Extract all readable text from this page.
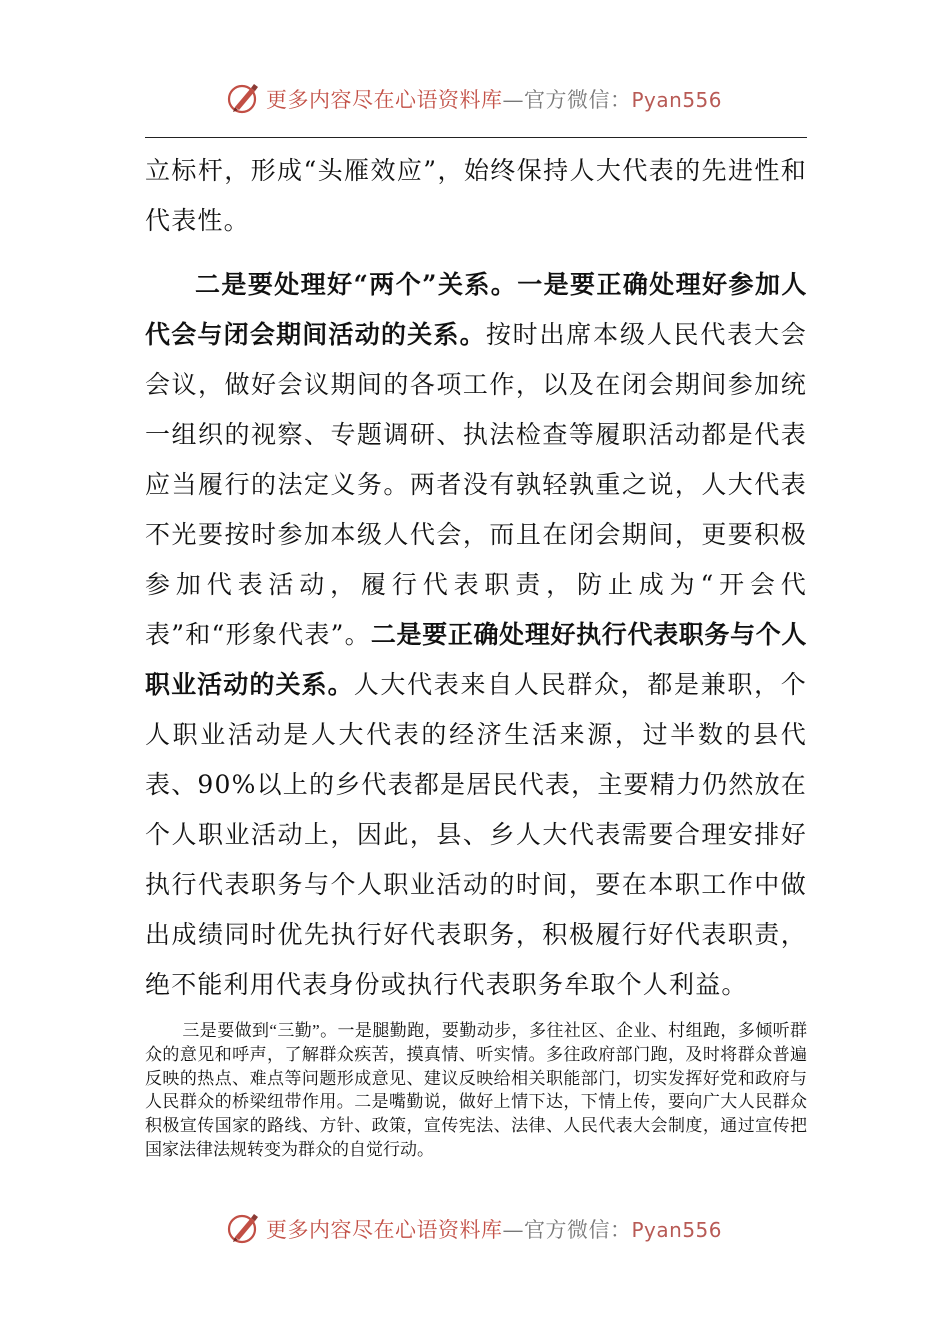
更多内容尽在心语资料库—官方微信：Pyan556

立标杆，形成“头雁效应”，始终保持人大代表的先进性和代表性。

二是要处理好“两个”关系。一是要正确处理好参加人代会与闭会期间活动的关系。按时出席本级人民代表大会会议，做好会议期间的各项工作，以及在闭会期间参加统一组织的视察、专题调研、执法检查等履职活动都是代表应当履行的法定义务。两者没有孰轻孰重之说，人大代表不光要按时参加本级人代会，而且在闭会期间，更要积极参加代表活动，履行代表职责，防止成为“开会代表”和“形象代表”。二是要正确处理好执行代表职务与个人职业活动的关系。人大代表来自人民群众，都是兼职，个人职业活动是人大代表的经济生活来源，过半数的县代表、90%以上的乡代表都是居民代表，主要精力仍然放在个人职业活动上，因此，县、乡人大代表需要合理安排好执行代表职务与个人职业活动的时间，要在本职工作中做出成绩同时优先执行好代表职务，积极履行好代表职责，绝不能利用代表身份或执行代表职务牟取个人利益。

三是要做到“三勤”。一是腿勤跑，要勤动步，多往社区、企业、村组跑，多倾听群众的意见和呼声，了解群众疾苦，摸真情、听实情。多往政府部门跑，及时将群众普遍反映的热点、难点等问题形成意见、建议反映给相关职能部门，切实发挥好党和政府与人民群众的桥梁纽带作用。二是嘴勤说，做好上情下达，下情上传，要向广大人民群众积极宣传国家的路线、方针、政策，宣传宪法、法律、人民代表大会制度，通过宣传把国家法律法规转变为群众的自觉行动。

更多内容尽在心语资料库—官方微信：Pyan556
